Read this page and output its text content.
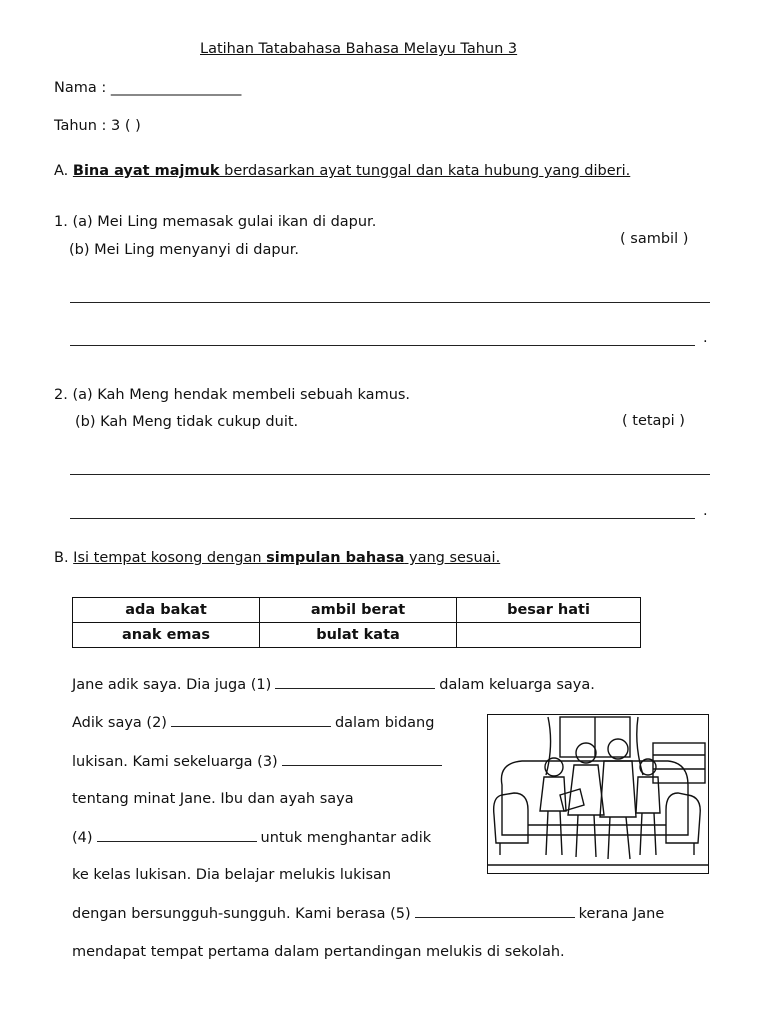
Latihan Tatabahasa Bahasa Melayu Tahun 3
Nama : __________________
Tahun : 3 ( )
A. Bina ayat majmuk berdasarkan ayat tunggal dan kata hubung yang diberi.
1. (a) Mei Ling memasak gulai ikan di dapur.
(b) Mei Ling menyanyi di dapur.
( sambil )
.
2. (a) Kah Meng hendak membeli sebuah kamus.
(b) Kah Meng tidak cukup duit.	( tetapi )
.
B. Isi tempat kosong dengan simpulan bahasa yang sesuai.
ada bakat	ambil berat	besar hati
anak emas	bulat kata	
Jane adik saya. Dia juga (1)	dalam keluarga saya.
Adik saya (2)	dalam bidang
lukisan. Kami sekeluarga (3)
tentang minat Jane. Ibu dan ayah saya
(4)	untuk menghantar adik
ke kelas lukisan. Dia belajar melukis lukisan
dengan bersungguh-sungguh. Kami berasa (5)	kerana Jane
mendapat tempat pertama dalam pertandingan melukis di sekolah.
